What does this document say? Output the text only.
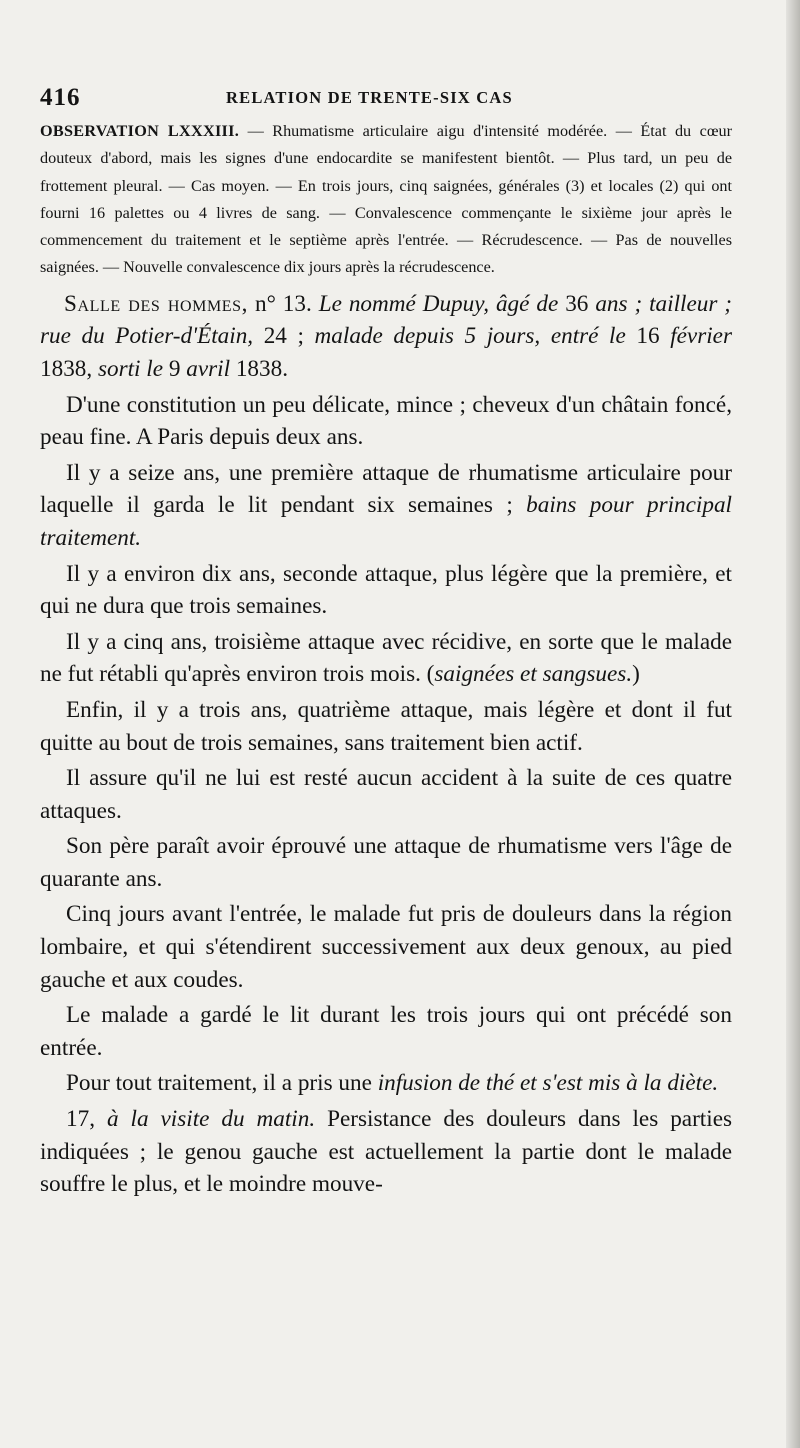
416	RELATION DE TRENTE-SIX CAS

OBSERVATION LXXXIII. — Rhumatisme articulaire aigu d'intensité modérée. — État du cœur douteux d'abord, mais les signes d'une endocardite se manifestent bientôt. — Plus tard, un peu de frottement pleural. — Cas moyen. — En trois jours, cinq saignées, générales (3) et locales (2) qui ont fourni 16 palettes ou 4 livres de sang. — Convalescence commençante le sixième jour après le commencement du traitement et le septième après l'entrée. — Récrudescence. — Pas de nouvelles saignées. — Nouvelle convalescence dix jours après la récrudescence.

Salle des hommes, n° 13. Le nommé Dupuy, âgé de 36 ans ; tailleur ; rue du Potier-d'Étain, 24 ; malade depuis 5 jours, entré le 16 février 1838, sorti le 9 avril 1838.

D'une constitution un peu délicate, mince ; cheveux d'un châtain foncé, peau fine. A Paris depuis deux ans.

Il y a seize ans, une première attaque de rhumatisme articulaire pour laquelle il garda le lit pendant six semaines ; bains pour principal traitement.

Il y a environ dix ans, seconde attaque, plus légère que la première, et qui ne dura que trois semaines.

Il y a cinq ans, troisième attaque avec récidive, en sorte que le malade ne fut rétabli qu'après environ trois mois. (saignées et sangsues.)

Enfin, il y a trois ans, quatrième attaque, mais légère et dont il fut quitte au bout de trois semaines, sans traitement bien actif.

Il assure qu'il ne lui est resté aucun accident à la suite de ces quatre attaques.

Son père paraît avoir éprouvé une attaque de rhumatisme vers l'âge de quarante ans.

Cinq jours avant l'entrée, le malade fut pris de douleurs dans la région lombaire, et qui s'étendirent successivement aux deux genoux, au pied gauche et aux coudes.

Le malade a gardé le lit durant les trois jours qui ont précédé son entrée.

Pour tout traitement, il a pris une infusion de thé et s'est mis à la diète.

17, à la visite du matin. Persistance des douleurs dans les parties indiquées ; le genou gauche est actuellement la partie dont le malade souffre le plus, et le moindre mouve-
